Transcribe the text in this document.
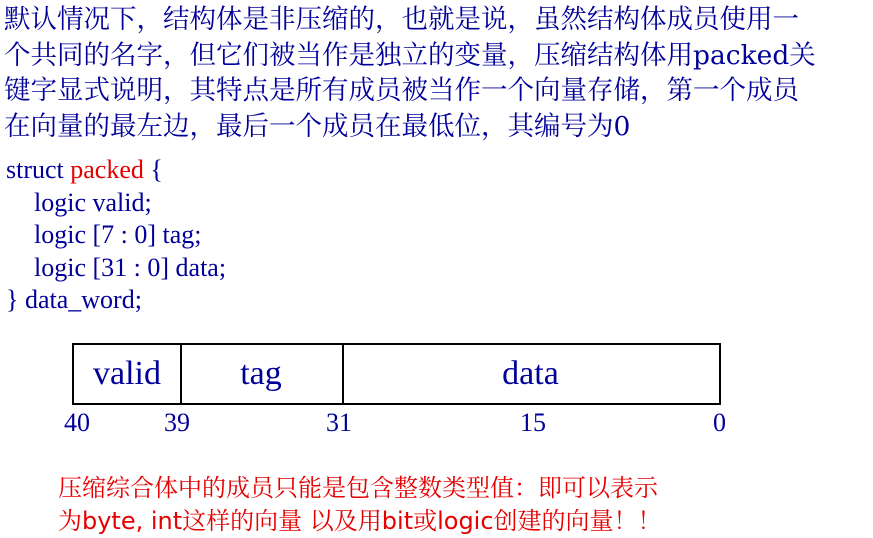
默认情况下，结构体是非压缩的，也就是说，虽然结构体成员使用一
个共同的名字，但它们被当作是独立的变量，压缩结构体用packed关
键字显式说明，其特点是所有成员被当作一个向量存储，第一个成员
在向量的最左边，最后一个成员在最低位，其编号为0
struct packed {
logic valid;
logic [7 : 0] tag;
logic [31 : 0] data;
} data_word;
valid	tag	data
40	39	31	15	0
压缩综合体中的成员只能是包含整数类型值：即可以表示
为byte, int这样的向量 以及用bit或logic创建的向量！！
